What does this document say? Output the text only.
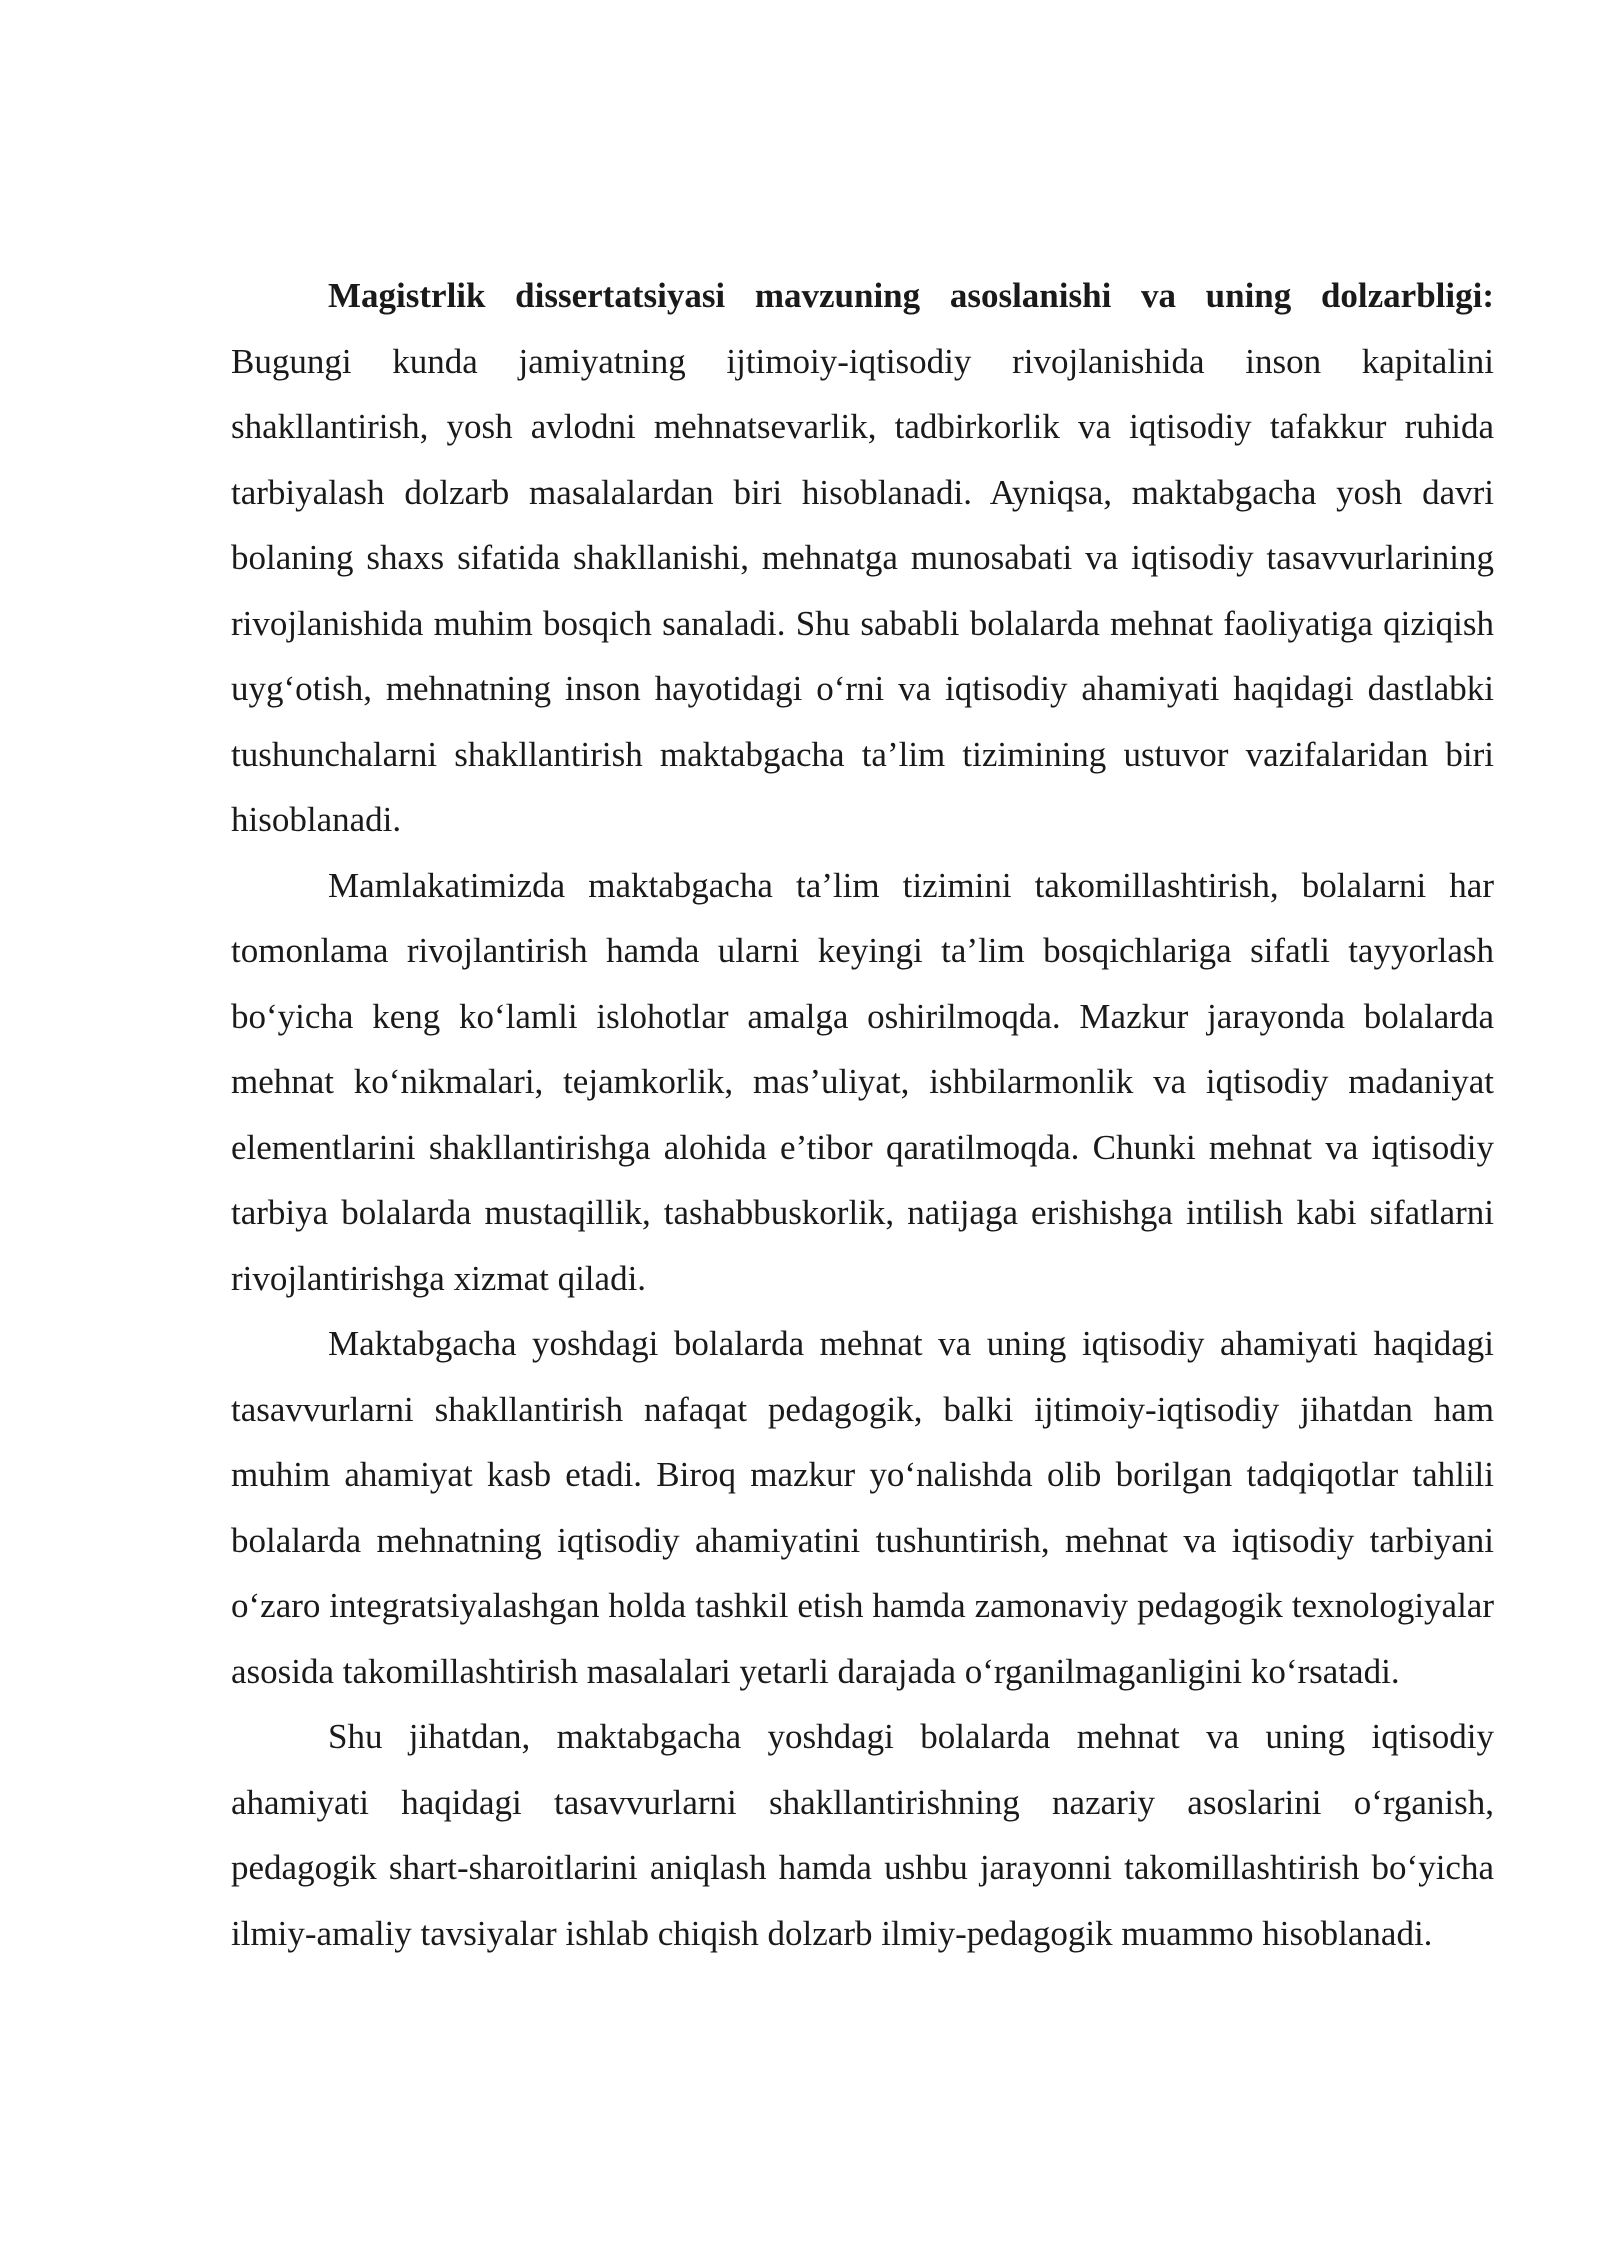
Magistrlik dissertatsiyasi mavzuning asoslanishi va uning dolzarbligi: Bugungi kunda jamiyatning ijtimoiy-iqtisodiy rivojlanishida inson kapitalini shakllantirish, yosh avlodni mehnatsevarlik, tadbirkorlik va iqtisodiy tafakkur ruhida tarbiyalash dolzarb masalalardan biri hisoblanadi. Ayniqsa, maktabgacha yosh davri bolaning shaxs sifatida shakllanishi, mehnatga munosabati va iqtisodiy tasavvurlarining rivojlanishida muhim bosqich sanaladi. Shu sababli bolalarda mehnat faoliyatiga qiziqish uyg‘otish, mehnatning inson hayotidagi o‘rni va iqtisodiy ahamiyati haqidagi dastlabki tushunchalarni shakllantirish maktabgacha ta’lim tizimining ustuvor vazifalaridan biri hisoblanadi.

Mamlakatimizda maktabgacha ta’lim tizimini takomillashtirish, bolalarni har tomonlama rivojlantirish hamda ularni keyingi ta’lim bosqichlariga sifatli tayyorlash bo‘yicha keng ko‘lamli islohotlar amalga oshirilmoqda. Mazkur jarayonda bolalarda mehnat ko‘nikmalari, tejamkorlik, mas’uliyat, ishbilarmonlik va iqtisodiy madaniyat elementlarini shakllantirishga alohida e’tibor qaratilmoqda. Chunki mehnat va iqtisodiy tarbiya bolalarda mustaqillik, tashabbuskorlik, natijaga erishishga intilish kabi sifatlarni rivojlantirishga xizmat qiladi.

Maktabgacha yoshdagi bolalarda mehnat va uning iqtisodiy ahamiyati haqidagi tasavvurlarni shakllantirish nafaqat pedagogik, balki ijtimoiy-iqtisodiy jihatdan ham muhim ahamiyat kasb etadi. Biroq mazkur yo‘nalishda olib borilgan tadqiqotlar tahlili bolalarda mehnatning iqtisodiy ahamiyatini tushuntirish, mehnat va iqtisodiy tarbiyani o‘zaro integratsiyalashgan holda tashkil etish hamda zamonaviy pedagogik texnologiyalar asosida takomillashtirish masalalari yetarli darajada o‘rganilmaganligini ko‘rsatadi.

Shu jihatdan, maktabgacha yoshdagi bolalarda mehnat va uning iqtisodiy ahamiyati haqidagi tasavvurlarni shakllantirishning nazariy asoslarini o‘rganish, pedagogik shart-sharoitlarini aniqlash hamda ushbu jarayonni takomillashtirish bo‘yicha ilmiy-amaliy tavsiyalar ishlab chiqish dolzarb ilmiy-pedagogik muammo hisoblanadi.
